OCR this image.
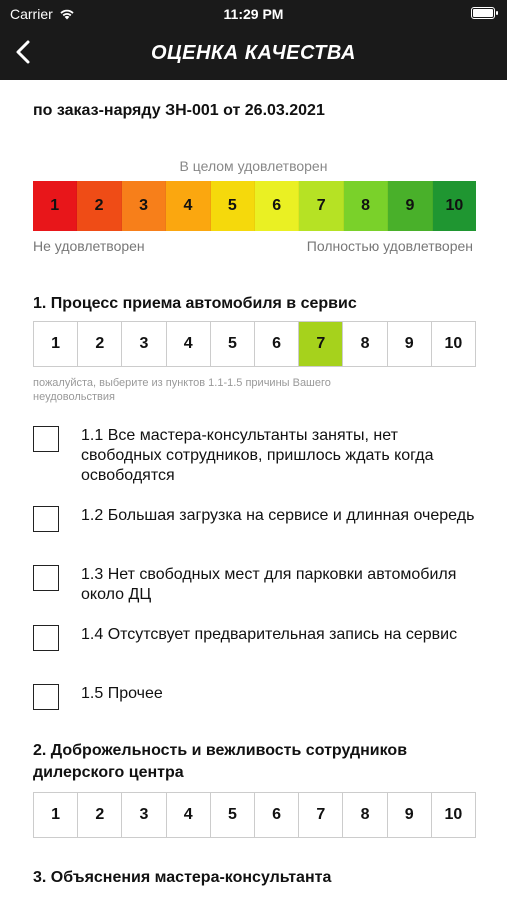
Carrier	11:29 PM
ОЦЕНКА КАЧЕСТВА
по заказ-наряду ЗН-001 от 26.03.2021
В целом удовлетворен
1	2	3	4	5	6	7	8	9	10
Не удовлетворен	Полностью удовлетворен
1. Процесс приема автомобиля в сервис
1	2	3	4	5	6	7	8	9	10
пожалуйста, выберите из пунктов 1.1-1.5 причины Вашего неудовольствия
1.1 Все мастера-консультанты заняты, нет свободных сотрудников, пришлось ждать когда освободятся
1.2 Большая загрузка на сервисе и длинная очередь
1.3 Нет свободных мест для парковки автомобиля около ДЦ
1.4 Отсутсвует предварительная запись на сервис
1.5 Прочее
2. Доброжельность и вежливость сотрудников дилерского центра
1	2	3	4	5	6	7	8	9	10
3. Объяснения мастера-консультанта
